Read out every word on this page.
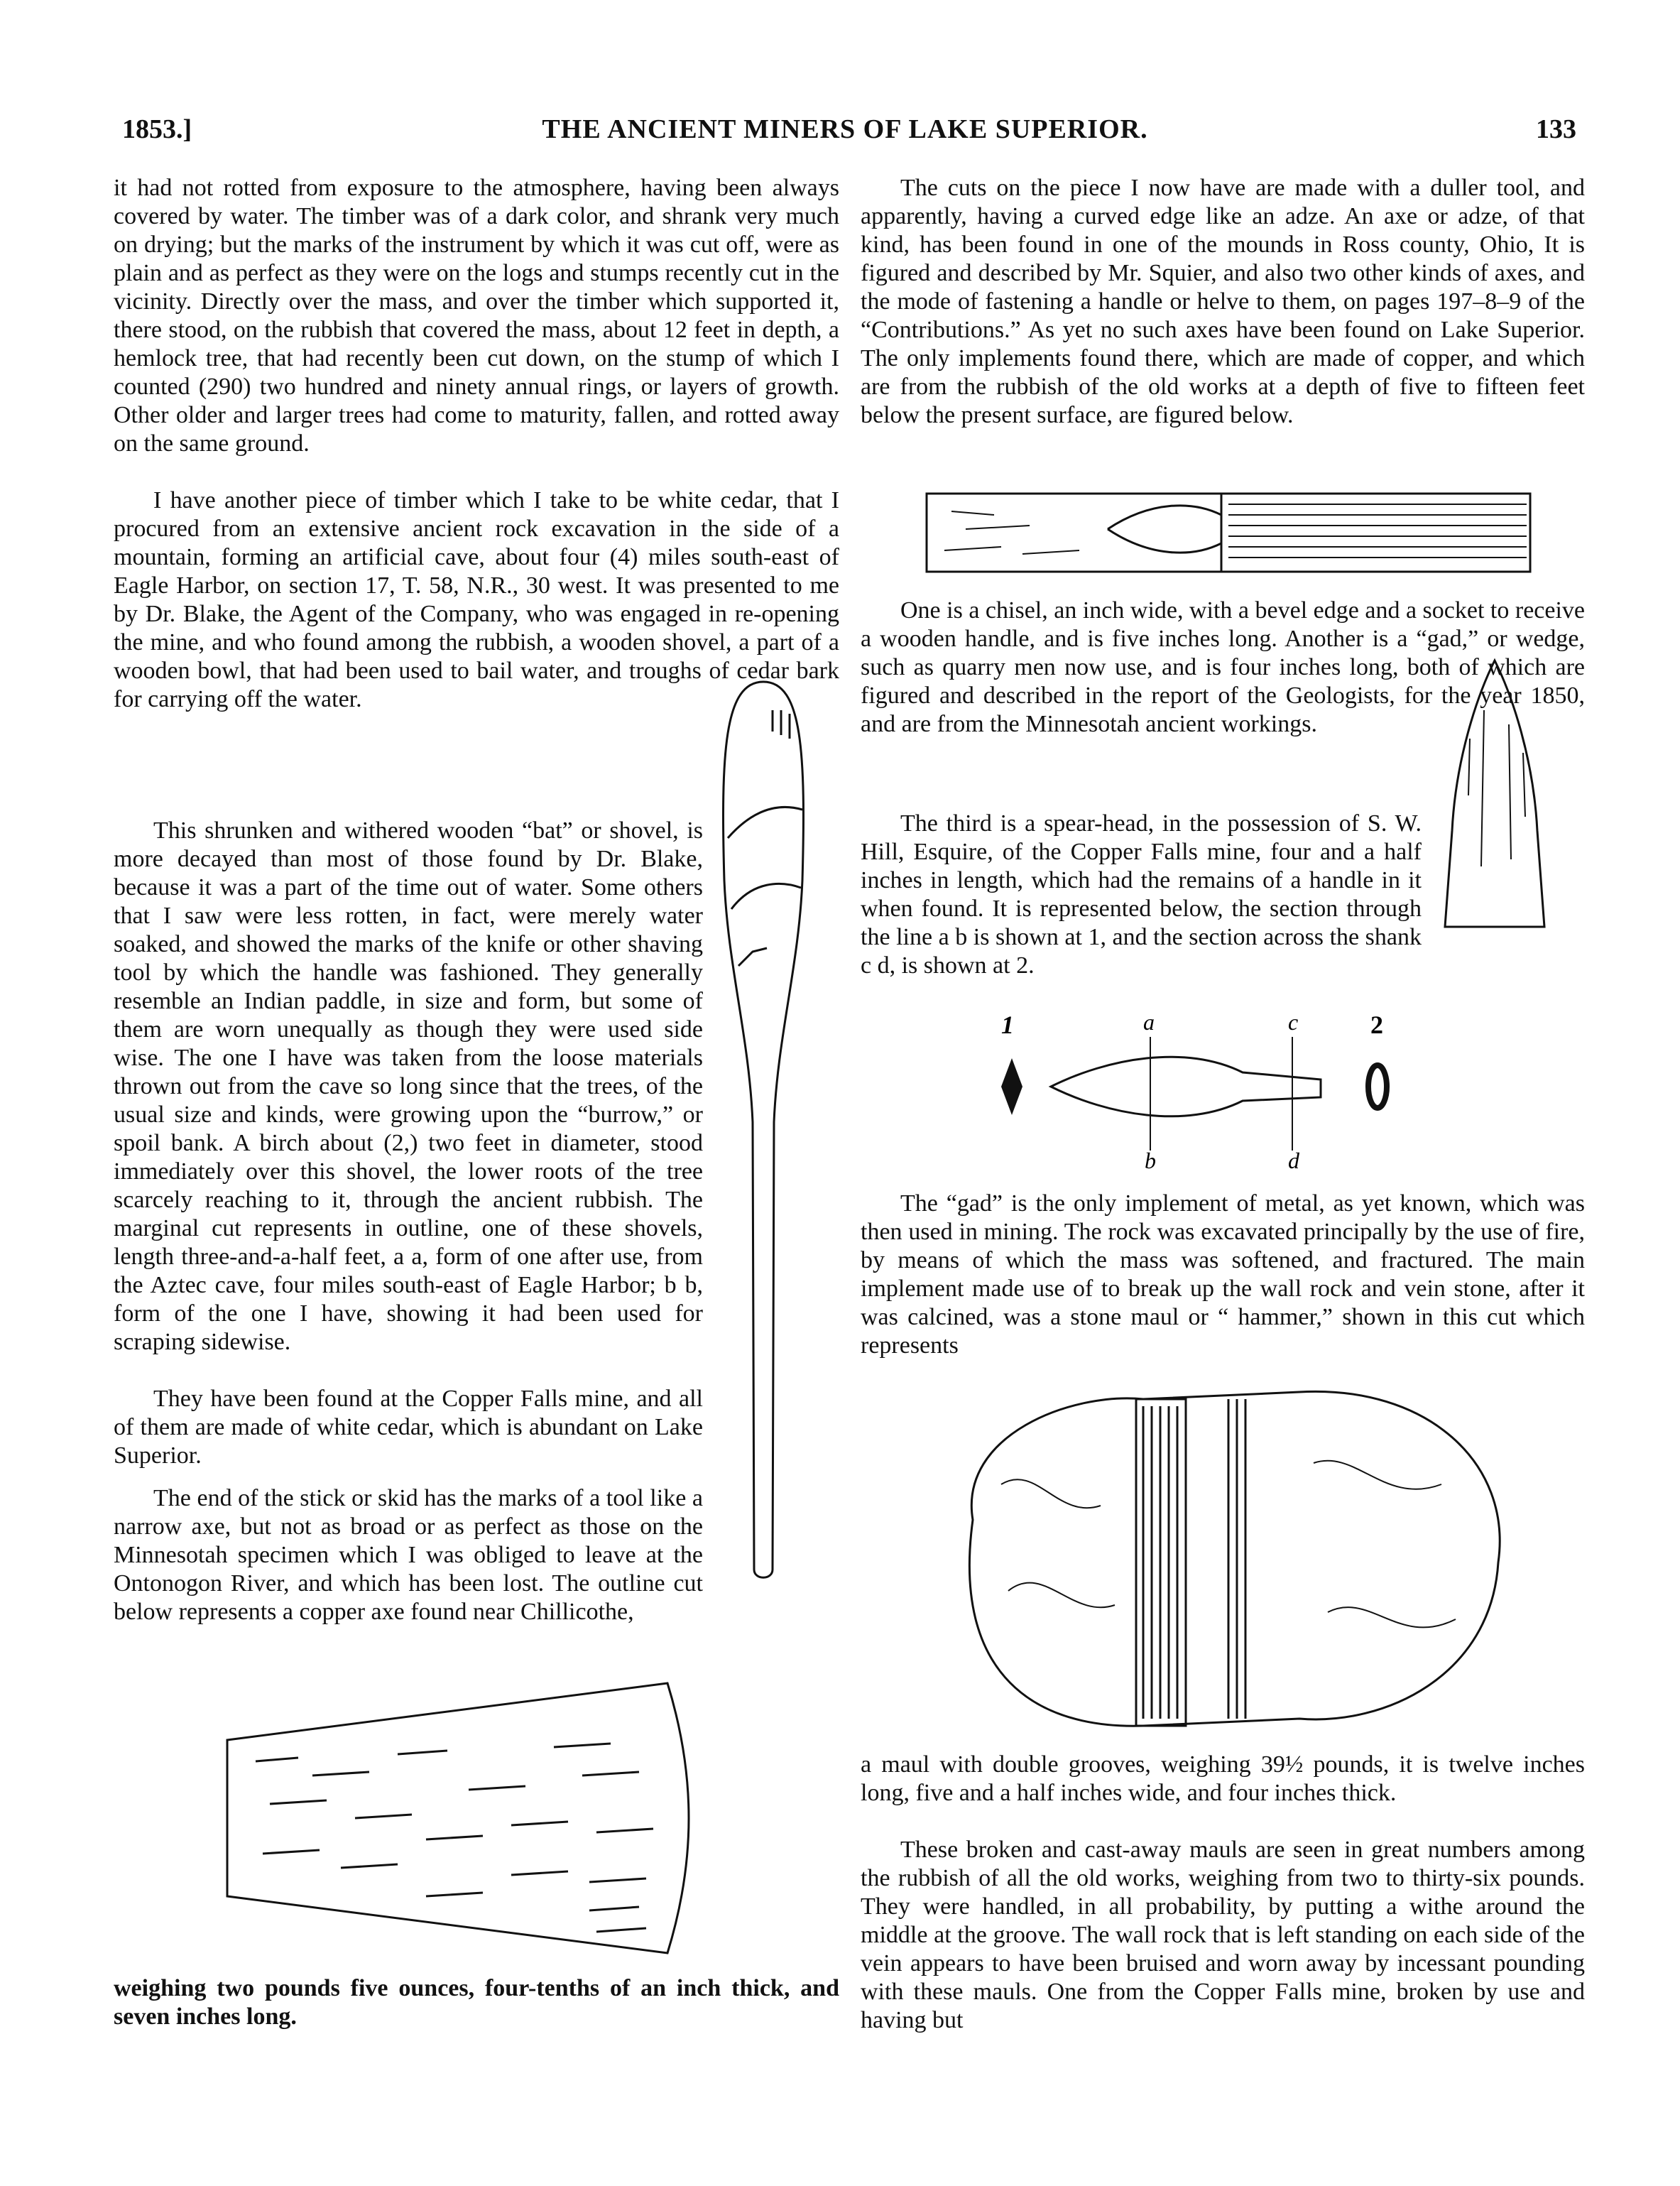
1853.]	THE ANCIENT MINERS OF LAKE SUPERIOR.	133

it had not rotted from exposure to the atmosphere, having been always covered by water. The timber was of a dark color, and shrank very much on drying; but the marks of the instrument by which it was cut off, were as plain and as perfect as they were on the logs and stumps recently cut in the vicinity. Directly over the mass, and over the timber which supported it, there stood, on the rubbish that covered the mass, about 12 feet in depth, a hemlock tree, that had recently been cut down, on the stump of which I counted (290) two hundred and ninety annual rings, or layers of growth. Other older and larger trees had come to maturity, fallen, and rotted away on the same ground.

I have another piece of timber which I take to be white cedar, that I procured from an extensive ancient rock excavation in the side of a mountain, forming an artificial cave, about four (4) miles south-east of Eagle Harbor, on section 17, T. 58, N.R., 30 west. It was presented to me by Dr. Blake, the Agent of the Company, who was engaged in re-opening the mine, and who found among the rubbish, a wooden shovel, a part of a wooden bowl, that had been used to bail water, and troughs of cedar bark for carrying off the water.

This shrunken and withered wooden “bat” or shovel, is more decayed than most of those found by Dr. Blake, because it was a part of the time out of water. Some others that I saw were less rotten, in fact, were merely water soaked, and showed the marks of the knife or other shaving tool by which the handle was fashioned. They generally resemble an Indian paddle, in size and form, but some of them are worn unequally as though they were used side wise. The one I have was taken from the loose materials thrown out from the cave so long since that the trees, of the usual size and kinds, were growing upon the “burrow,” or spoil bank. A birch about (2,) two feet in diameter, stood immediately over this shovel, the lower roots of the tree scarcely reaching to it, through the ancient rubbish. The marginal cut represents in outline, one of these shovels, length three-and-a-half feet, a a, form of one after use, from the Aztec cave, four miles south-east of Eagle Harbor; b b, form of the one I have, showing it had been used for scraping sidewise.

They have been found at the Copper Falls mine, and all of them are made of white cedar, which is abundant on Lake Superior.

The end of the stick or skid has the marks of a tool like a narrow axe, but not as broad or as perfect as those on the Minnesotah specimen which I was obliged to leave at the Ontonogon River, and which has been lost. The outline cut below represents a copper axe found near Chillicothe,

weighing two pounds five ounces, four-tenths of an inch thick, and seven inches long.

The cuts on the piece I now have are made with a duller tool, and apparently, having a curved edge like an adze. An axe or adze, of that kind, has been found in one of the mounds in Ross county, Ohio, It is figured and described by Mr. Squier, and also two other kinds of axes, and the mode of fastening a handle or helve to them, on pages 197–8–9 of the “Contributions.” As yet no such axes have been found on Lake Superior. The only implements found there, which are made of copper, and which are from the rubbish of the old works at a depth of five to fifteen feet below the present surface, are figured below.

One is a chisel, an inch wide, with a bevel edge and a socket to receive a wooden handle, and is five inches long. Another is a “gad,” or wedge, such as quarry men now use, and is four inches long, both of which are figured and described in the report of the Geologists, for the year 1850, and are from the Minnesotah ancient workings.

The third is a spear-head, in the possession of S. W. Hill, Esquire, of the Copper Falls mine, four and a half inches in length, which had the remains of a handle in it when found. It is represented below, the section through the line a b is shown at 1, and the section across the shank c d, is shown at 2.

1	2
a
b
c
d

The “gad” is the only implement of metal, as yet known, which was then used in mining. The rock was excavated principally by the use of fire, by means of which the mass was softened, and fractured. The main implement made use of to break up the wall rock and vein stone, after it was calcined, was a stone maul or “ hammer,” shown in this cut which represents

a maul with double grooves, weighing 39½ pounds, it is twelve inches long, five and a half inches wide, and four inches thick.

These broken and cast-away mauls are seen in great numbers among the rubbish of all the old works, weighing from two to thirty-six pounds. They were handled, in all probability, by putting a withe around the middle at the groove. The wall rock that is left standing on each side of the vein appears to have been bruised and worn away by incessant pounding with these mauls. One from the Copper Falls mine, broken by use and having but
